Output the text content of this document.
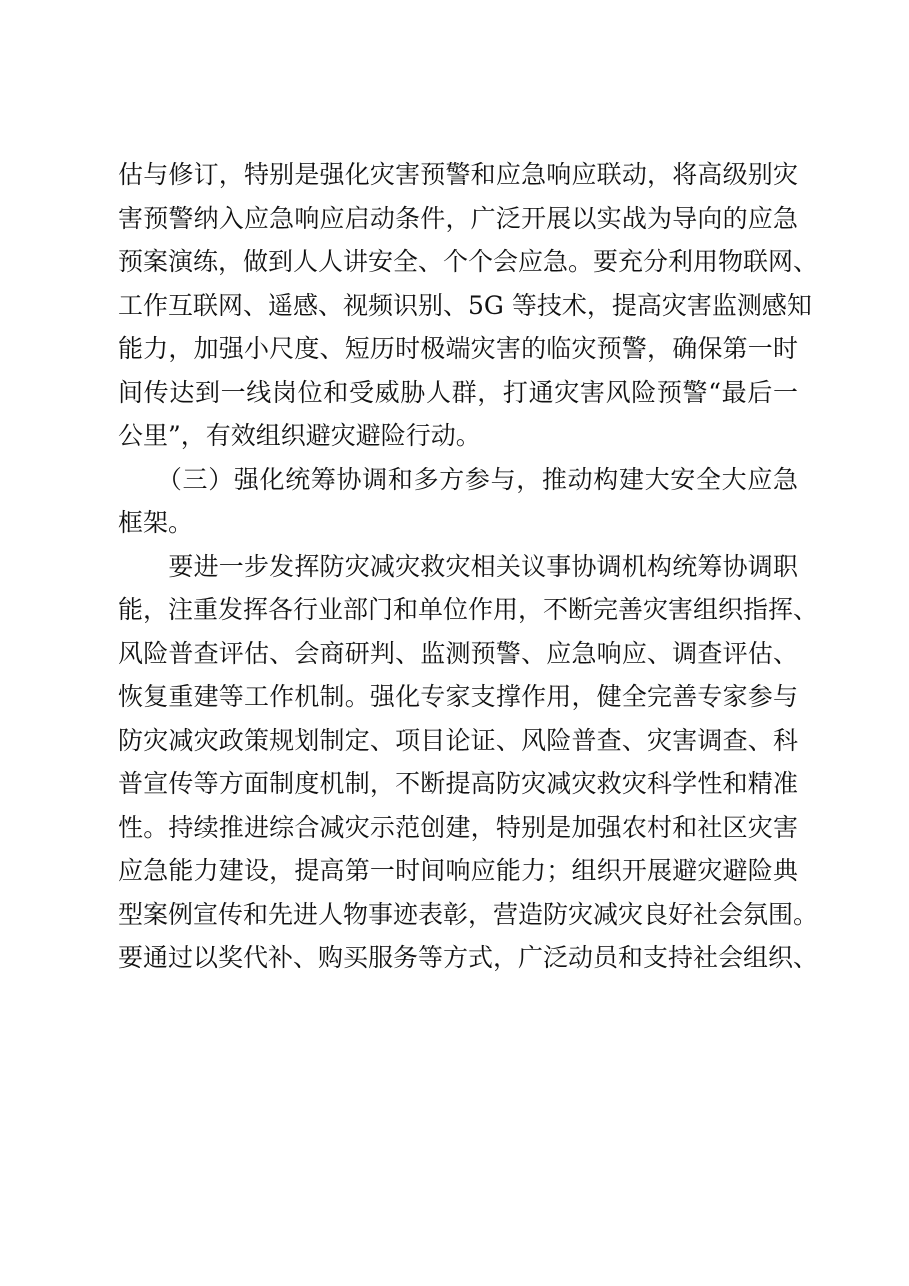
估与修订，特别是强化灾害预警和应急响应联动，将高级别灾
害预警纳入应急响应启动条件，广泛开展以实战为导向的应急
预案演练，做到人人讲安全、个个会应急。要充分利用物联网、
工作互联网、遥感、视频识别、5G 等技术，提高灾害监测感知
能力，加强小尺度、短历时极端灾害的临灾预警，确保第一时
间传达到一线岗位和受威胁人群，打通灾害风险预警“最后一
公里”，有效组织避灾避险行动。
　　（三）强化统筹协调和多方参与，推动构建大安全大应急
框架。
　　要进一步发挥防灾减灾救灾相关议事协调机构统筹协调职
能，注重发挥各行业部门和单位作用，不断完善灾害组织指挥、
风险普查评估、会商研判、监测预警、应急响应、调查评估、
恢复重建等工作机制。强化专家支撑作用，健全完善专家参与
防灾减灾政策规划制定、项目论证、风险普查、灾害调查、科
普宣传等方面制度机制，不断提高防灾减灾救灾科学性和精准
性。持续推进综合减灾示范创建，特别是加强农村和社区灾害
应急能力建设，提高第一时间响应能力；组织开展避灾避险典
型案例宣传和先进人物事迹表彰，营造防灾减灾良好社会氛围。
要通过以奖代补、购买服务等方式，广泛动员和支持社会组织、
